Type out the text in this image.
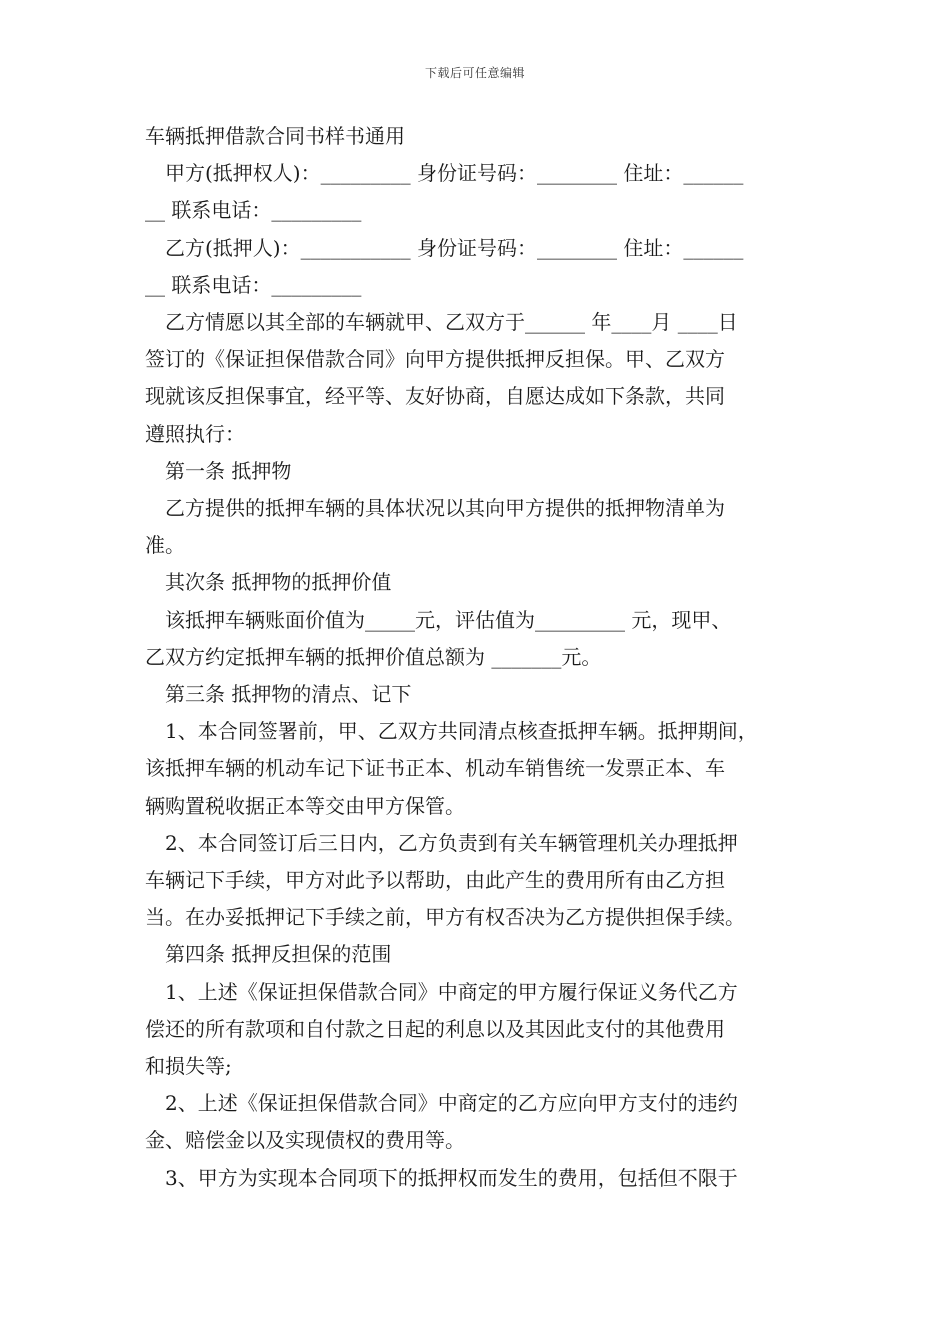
下载后可任意编辑
车辆抵押借款合同书样书通用
甲方(抵押权人)：_________ 身份证号码：________ 住址：______
__ 联系电话：_________
乙方(抵押人)：___________ 身份证号码：________ 住址：______
__ 联系电话：_________
乙方情愿以其全部的车辆就甲、乙双方于______ 年____月 ____日
签订的《保证担保借款合同》向甲方提供抵押反担保。甲、乙双方
现就该反担保事宜，经平等、友好协商，自愿达成如下条款，共同
遵照执行：
第一条 抵押物
乙方提供的抵押车辆的具体状况以其向甲方提供的抵押物清单为
准。
其次条 抵押物的抵押价值
该抵押车辆账面价值为_____元，评估值为_________ 元，现甲、
乙双方约定抵押车辆的抵押价值总额为 _______元。
第三条 抵押物的清点、记下
1、本合同签署前，甲、乙双方共同清点核查抵押车辆。抵押期间，
该抵押车辆的机动车记下证书正本、机动车销售统一发票正本、车
辆购置税收据正本等交由甲方保管。
2、本合同签订后三日内，乙方负责到有关车辆管理机关办理抵押
车辆记下手续，甲方对此予以帮助，由此产生的费用所有由乙方担
当。在办妥抵押记下手续之前，甲方有权否决为乙方提供担保手续。
第四条 抵押反担保的范围
1、上述《保证担保借款合同》中商定的甲方履行保证义务代乙方
偿还的所有款项和自付款之日起的利息以及其因此支付的其他费用
和损失等;
2、上述《保证担保借款合同》中商定的乙方应向甲方支付的违约
金、赔偿金以及实现债权的费用等。
3、甲方为实现本合同项下的抵押权而发生的费用，包括但不限于
